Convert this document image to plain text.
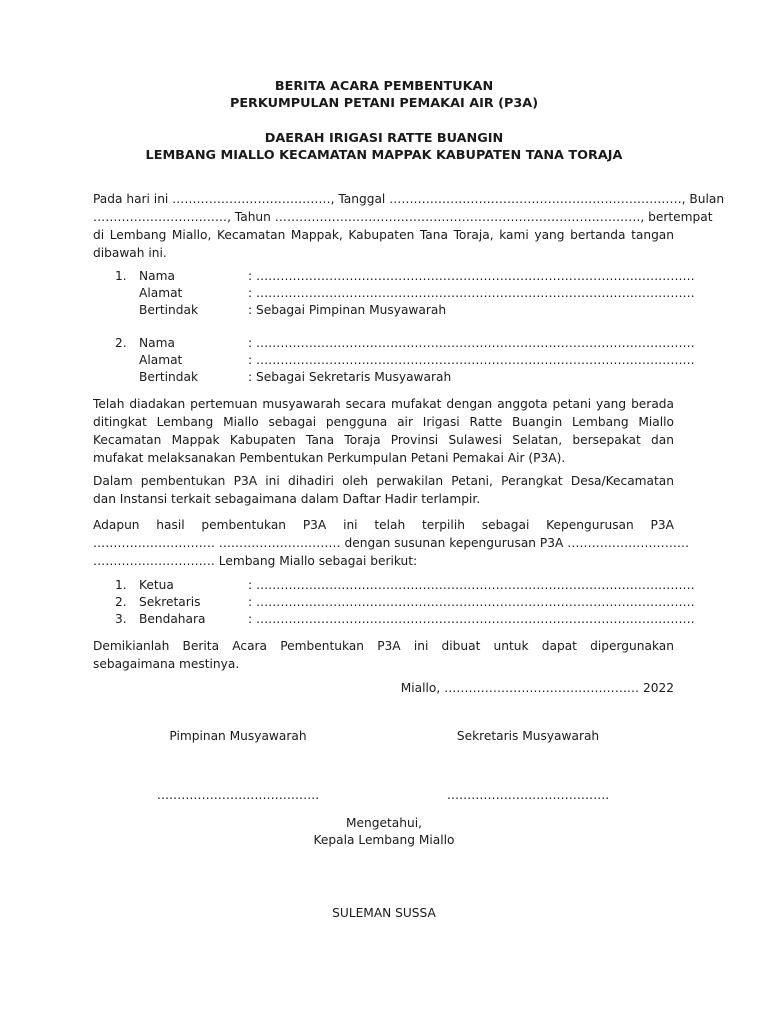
BERITA ACARA PEMBENTUKAN
PERKUMPULAN PETANI PEMAKAI AIR (P3A)
DAERAH IRIGASI RATTE BUANGIN
LEMBANG MIALLO KECAMATAN MAPPAK KABUPATEN TANA TORAJA
Pada hari ini …………………………………, Tanggal ………………………………………………………………, Bulan
……………………………, Tahun ………………………………………………………………………………, bertempat
di Lembang Miallo, Kecamatan Mappak, Kabupaten Tana Toraja, kami yang bertanda tangan
dibawah ini.
1. Nama	: ………………………………………………………………………………………………
Alamat	: ………………………………………………………………………………………………
Bertindak	: Sebagai Pimpinan Musyawarah
2. Nama	: ………………………………………………………………………………………………
Alamat	: ………………………………………………………………………………………………
Bertindak	: Sebagai Sekretaris Musyawarah
Telah diadakan pertemuan musyawarah secara mufakat dengan anggota petani yang berada
ditingkat Lembang Miallo sebagai pengguna air Irigasi Ratte Buangin Lembang Miallo
Kecamatan Mappak Kabupaten Tana Toraja Provinsi Sulawesi Selatan, bersepakat dan
mufakat melaksanakan Pembentukan Perkumpulan Petani Pemakai Air (P3A).
Dalam pembentukan P3A ini dihadiri oleh perwakilan Petani, Perangkat Desa/Kecamatan
dan Instansi terkait sebagaimana dalam Daftar Hadir terlampir.
Adapun hasil pembentukan P3A ini telah terpilih sebagai Kepengurusan P3A
………………………… ………………………… dengan susunan kepengurusan P3A …………………………
………………………… Lembang Miallo sebagai berikut:
1. Ketua	: ………………………………………………………………………………………………
2. Sekretaris	: ………………………………………………………………………………………………
3. Bendahara	: ………………………………………………………………………………………………
Demikianlah Berita Acara Pembentukan P3A ini dibuat untuk dapat dipergunakan
sebagaimana mestinya.
Miallo, ………………………………………… 2022
Pimpinan Musyawarah	Sekretaris Musyawarah
………………………………….	………………………………….
Mengetahui,
Kepala Lembang Miallo
SULEMAN SUSSA
